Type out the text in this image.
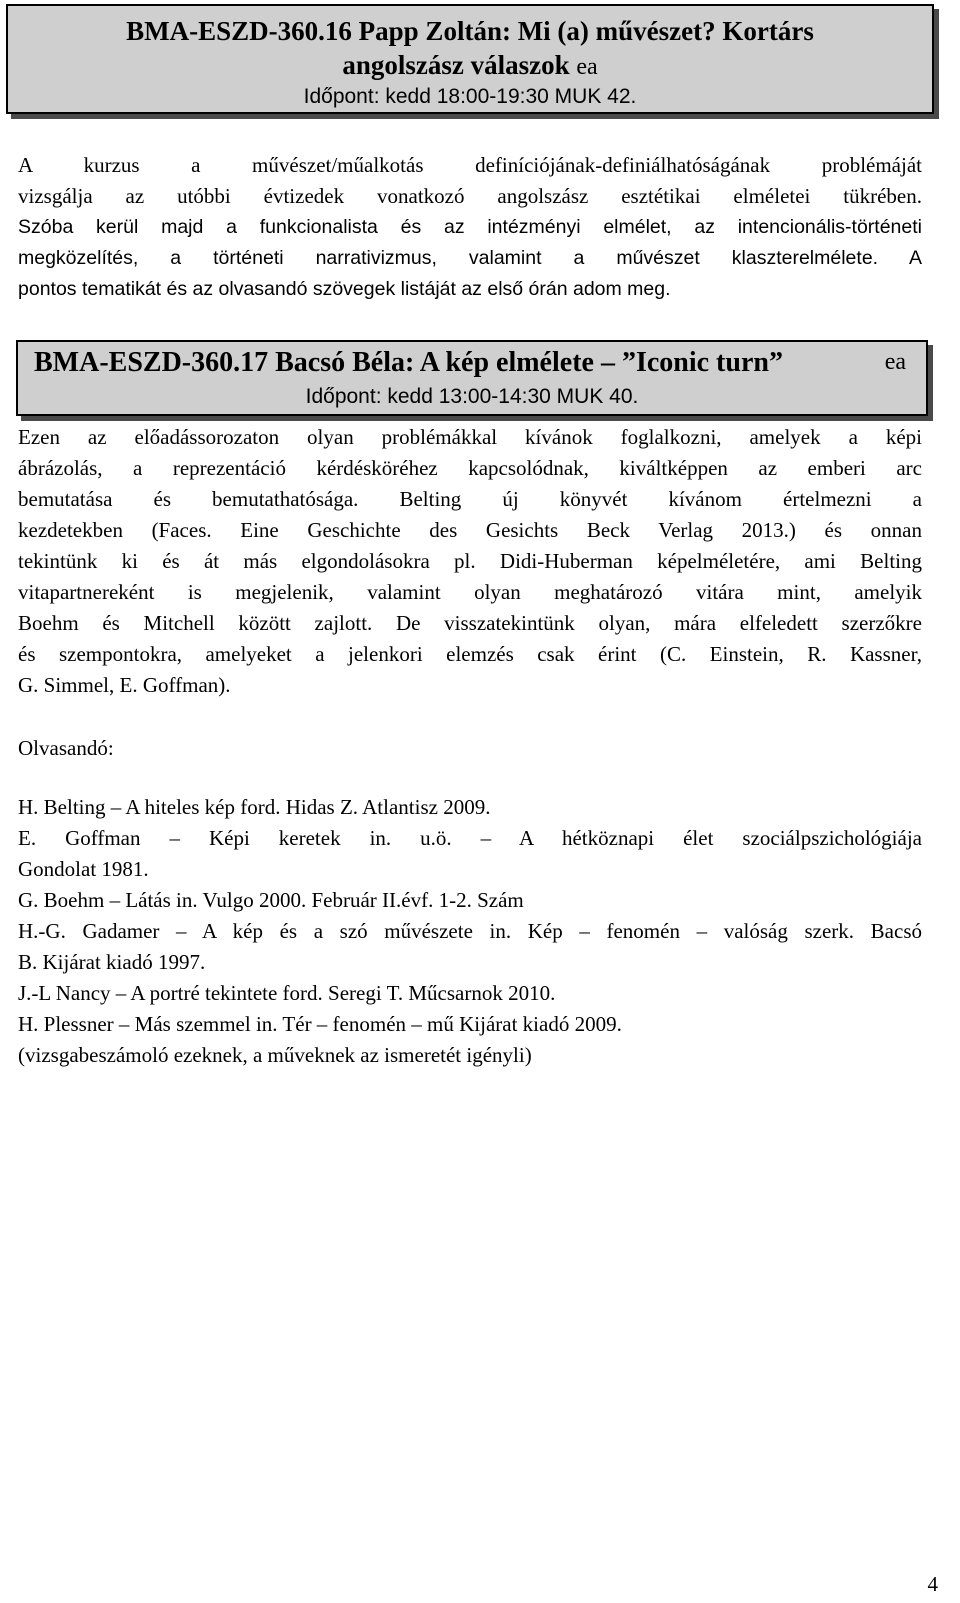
BMA-ESZD-360.16 Papp Zoltán: Mi (a) művészet? Kortárs
angolszász válaszok ea
Időpont: kedd 18:00-19:30 MUK 42.
A kurzus a művészet/műalkotás definíciójának-definiálhatóságának problémáját
vizsgálja az utóbbi évtizedek vonatkozó angolszász esztétikai elméletei tükrében.
Szóba kerül majd a funkcionalista és az intézményi elmélet, az intencionális-történeti
megközelítés, a történeti narrativizmus, valamint a művészet klaszterelmélete. A
pontos tematikát és az olvasandó szövegek listáját az első órán adom meg.
BMA-ESZD-360.17 Bacsó Béla: A kép elmélete – ”Iconic turn”	ea
Időpont: kedd 13:00-14:30 MUK 40.
Ezen az előadássorozaton olyan problémákkal kívánok foglalkozni, amelyek a képi
ábrázolás, a reprezentáció kérdésköréhez kapcsolódnak, kiváltképpen az emberi arc
bemutatása és bemutathatósága. Belting új könyvét kívánom értelmezni a
kezdetekben (Faces. Eine Geschichte des Gesichts Beck Verlag 2013.) és onnan
tekintünk ki és át más elgondolásokra pl. Didi-Huberman képelméletére, ami Belting
vitapartnereként is megjelenik, valamint olyan meghatározó vitára mint, amelyik
Boehm és Mitchell között zajlott. De visszatekintünk olyan, mára elfeledett szerzőkre
és szempontokra, amelyeket a jelenkori elemzés csak érint (C. Einstein, R. Kassner,
G. Simmel, E. Goffman).
Olvasandó:
H. Belting – A hiteles kép ford. Hidas Z. Atlantisz 2009.
E. Goffman – Képi keretek in. u.ö. – A hétköznapi élet szociálpszichológiája
Gondolat 1981.
G. Boehm – Látás in. Vulgo 2000. Február II.évf. 1-2. Szám
H.-G. Gadamer – A kép és a szó művészete in. Kép – fenomén – valóság szerk. Bacsó
B. Kijárat kiadó 1997.
J.-L Nancy – A portré tekintete ford. Seregi T. Műcsarnok 2010.
H. Plessner – Más szemmel in. Tér – fenomén – mű Kijárat kiadó 2009.
(vizsgabeszámoló ezeknek, a műveknek az ismeretét igényli)
4
